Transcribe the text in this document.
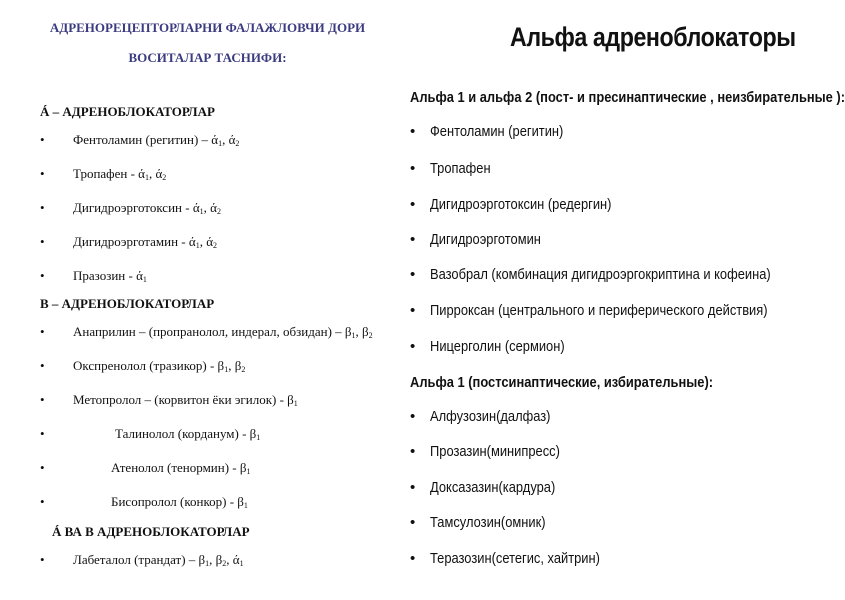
АДРЕНОРЕЦЕПТОРЛАРНИ ФАЛАЖЛОВЧИ ДОРИ
ВОСИТАЛАР ТАСНИФИ:
Á – АДРЕНОБЛОКАТОРЛАР
• Фентоламин (регитин) – $ά_1$, $ά_2$
• Тропафен - $ά_1$, $ά_2$
• Дигидроэрготоксин - $ά_1$, $ά_2$
• Дигидроэрготамин - $ά_1$, $ά_2$
• Празозин - $ά_1$
В – АДРЕНОБЛОКАТОРЛАР
• Анаприлин – (пропранолол, индерал, обзидан) – $\beta_1$, $\beta_2$
• Окспренолол (тразикор) - $\beta_1$, $\beta_2$
• Метопролол – (корвитон ёки эгилок) - $\beta_1$
•	Талинолол (корданум) - $\beta_1$
•	Атенолол (тенормин) - $\beta_1$
•	Бисопролол (конкор) - $\beta_1$
Á ВА В АДРЕНОБЛОКАТОРЛАР
• Лабеталол (трандат) – $\beta_1$, $\beta_2$, $ά_1$
Альфа адреноблокаторы
Альфа 1 и альфа 2 (пост- и пресинаптические , неизбирательные ):
• Фентоламин (регитин)
• Тропафен
• Дигидроэрготоксин (редергин)
• Дигидроэрготомин
• Вазобрал (комбинация дигидроэргокриптина и кофеина)
• Пирроксан (центрального и периферического действия)
• Ницерголин (сермион)
Альфа 1 (постсинаптические, избирательные):
• Алфузозин(далфаз)
• Прозазин(минипресс)
• Доксазазин(кардура)
• Тамсулозин(омник)
• Теразозин(сетегис, хайтрин)
